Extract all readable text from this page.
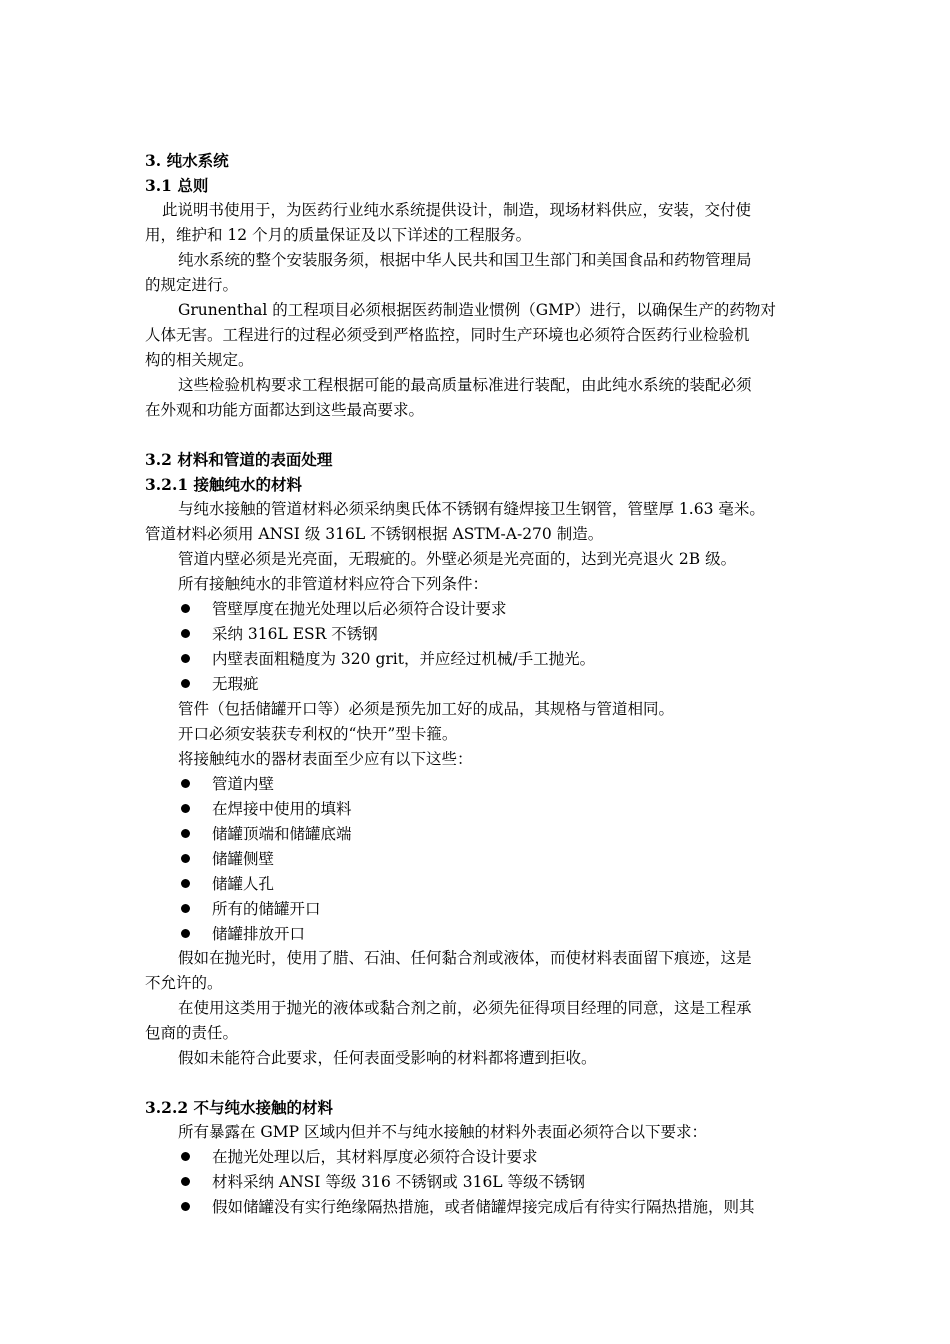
3. 纯水系统
3.1 总则
此说明书使用于，为医药行业纯水系统提供设计，制造，现场材料供应，安装，交付使
用，维护和 12 个月的质量保证及以下详述的工程服务。
纯水系统的整个安装服务须，根据中华人民共和国卫生部门和美国食品和药物管理局
的规定进行。
Grunenthal 的工程项目必须根据医药制造业惯例（GMP）进行，以确保生产的药物对
人体无害。工程进行的过程必须受到严格监控，同时生产环境也必须符合医药行业检验机
构的相关规定。
这些检验机构要求工程根据可能的最高质量标准进行装配，由此纯水系统的装配必须
在外观和功能方面都达到这些最高要求。
3.2 材料和管道的表面处理
3.2.1 接触纯水的材料
与纯水接触的管道材料必须采纳奥氏体不锈钢有缝焊接卫生钢管，管壁厚 1.63 毫米。
管道材料必须用 ANSI 级 316L 不锈钢根据 ASTM-A-270 制造。
管道内壁必须是光亮面，无瑕疵的。外壁必须是光亮面的，达到光亮退火 2B 级。
所有接触纯水的非管道材料应符合下列条件：
管壁厚度在抛光处理以后必须符合设计要求
采纳 316L ESR 不锈钢
内壁表面粗糙度为 320 grit，并应经过机械/手工抛光。
无瑕疵
管件（包括储罐开口等）必须是预先加工好的成品，其规格与管道相同。
开口必须安装获专利权的“快开”型卡箍。
将接触纯水的器材表面至少应有以下这些：
管道内壁
在焊接中使用的填料
储罐顶端和储罐底端
储罐侧壁
储罐人孔
所有的储罐开口
储罐排放开口
假如在抛光时，使用了腊、石油、任何黏合剂或液体，而使材料表面留下痕迹，这是
不允许的。
在使用这类用于抛光的液体或黏合剂之前，必须先征得项目经理的同意，这是工程承
包商的责任。
假如未能符合此要求，任何表面受影响的材料都将遭到拒收。
3.2.2 不与纯水接触的材料
所有暴露在 GMP 区域内但并不与纯水接触的材料外表面必须符合以下要求：
在抛光处理以后，其材料厚度必须符合设计要求
材料采纳 ANSI 等级 316 不锈钢或 316L 等级不锈钢
假如储罐没有实行绝缘隔热措施，或者储罐焊接完成后有待实行隔热措施，则其
